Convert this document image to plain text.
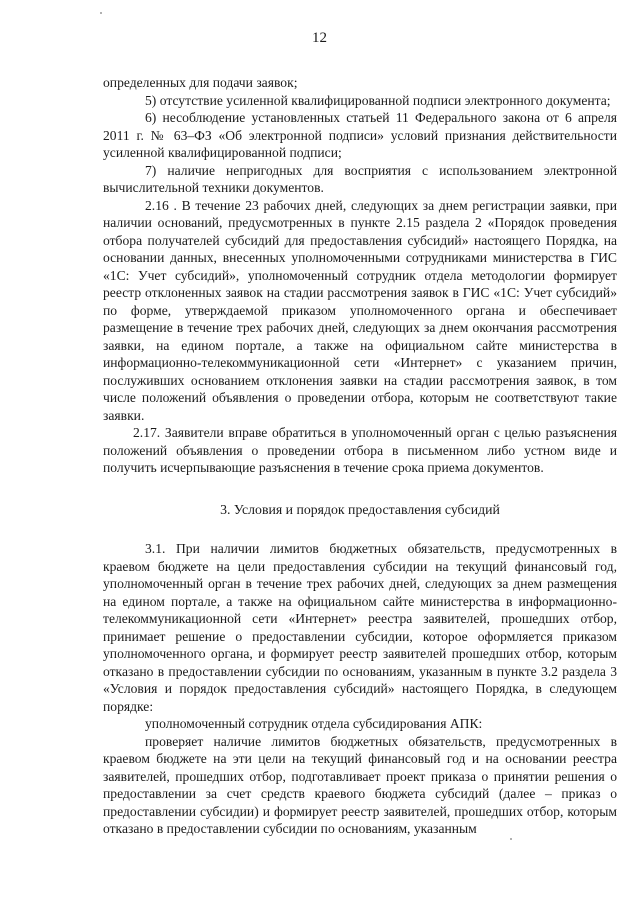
12

определенных для подачи заявок;

5) отсутствие усиленной квалифицированной подписи электронного документа;

6) несоблюдение установленных статьей 11 Федерального закона от 6 апреля 2011 г. № 63–ФЗ «Об электронной подписи» условий признания действительности усиленной квалифицированной подписи;

7) наличие непригодных для восприятия с использованием электронной вычислительной техники документов.

2.16 . В течение 23 рабочих дней, следующих за днем регистрации заявки, при наличии оснований, предусмотренных в пункте 2.15 раздела 2 «Порядок проведения отбора получателей субсидий для предоставления субсидий» настоящего Порядка, на основании данных, внесенных уполномоченными сотрудниками министерства в ГИС «1С: Учет субсидий», уполномоченный сотрудник отдела методологии формирует реестр отклоненных заявок на стадии рассмотрения заявок в ГИС «1С: Учет субсидий» по форме, утверждаемой приказом уполномоченного органа и обеспечивает размещение в течение трех рабочих дней, следующих за днем окончания рассмотрения заявки, на едином портале, а также на официальном сайте министерства в информационно-телекоммуникационной сети «Интернет» с указанием причин, послуживших основанием отклонения заявки на стадии рассмотрения заявок, в том числе положений объявления о проведении отбора, которым не соответствуют такие заявки.

2.17. Заявители вправе обратиться в уполномоченный орган с целью разъяснения положений объявления о проведении отбора в письменном либо устном виде и получить исчерпывающие разъяснения в течение срока приема документов.

3. Условия и порядок предоставления субсидий

3.1. При наличии лимитов бюджетных обязательств, предусмотренных в краевом бюджете на цели предоставления субсидии на текущий финансовый год, уполномоченный орган в течение трех рабочих дней, следующих за днем размещения на едином портале, а также на официальном сайте министерства в информационно-телекоммуникационной сети «Интернет» реестра заявителей, прошедших отбор, принимает решение о предоставлении субсидии, которое оформляется приказом уполномоченного органа, и формирует реестр заявителей прошедших отбор, которым отказано в предоставлении субсидии по основаниям, указанным в пункте 3.2 раздела 3 «Условия и порядок предоставления субсидий» настоящего Порядка, в следующем порядке:

уполномоченный сотрудник отдела субсидирования АПК:

проверяет наличие лимитов бюджетных обязательств, предусмотренных в краевом бюджете на эти цели на текущий финансовый год и на основании реестра заявителей, прошедших отбор, подготавливает проект приказа о принятии решения о предоставлении за счет средств краевого бюджета субсидий (далее – приказ о предоставлении субсидии) и формирует реестр заявителей, прошедших отбор, которым отказано в предоставлении субсидии по основаниям, указанным
